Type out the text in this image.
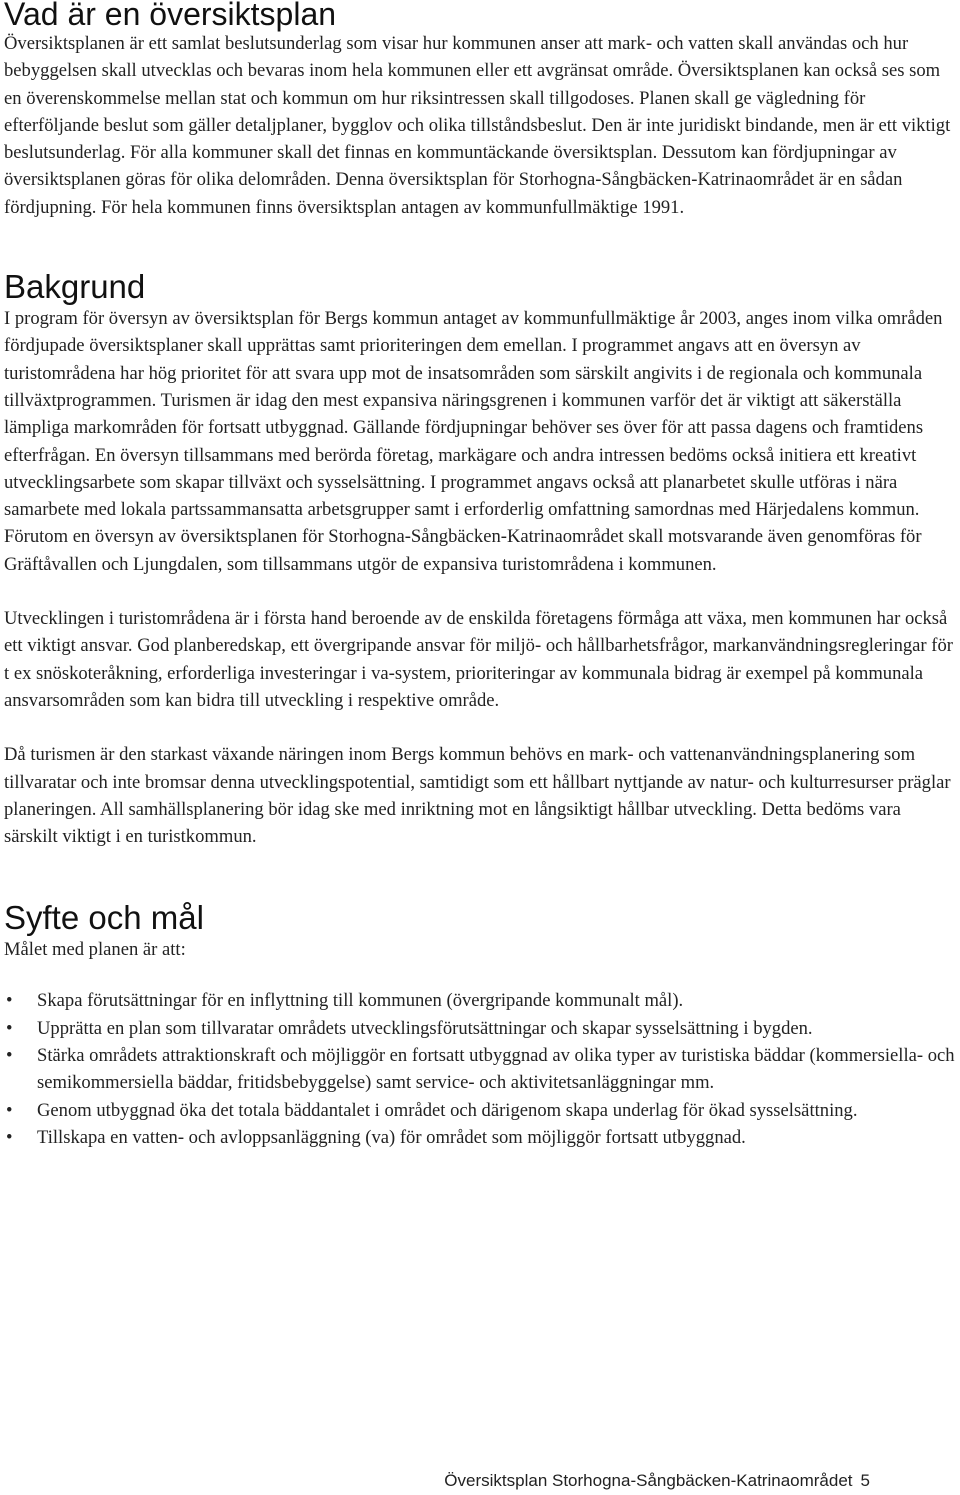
Vad är en översiktsplan

Översiktsplanen är ett samlat beslutsunderlag som visar hur kommunen anser att mark- och vatten skall användas och hur bebyggelsen skall utvecklas och bevaras inom hela kommunen eller ett avgränsat område. Översiktsplanen kan också ses som en överenskommelse mellan stat och kommun om hur riksintressen skall tillgodoses. Planen skall ge vägledning för efterföljande beslut som gäller detaljplaner, bygglov och olika tillståndsbeslut. Den är inte juridiskt bindande, men är ett viktigt beslutsunderlag. För alla kommuner skall det finnas en kommuntäckande översiktsplan. Dessutom kan fördjupningar av översiktsplanen göras för olika delområden. Denna översiktsplan för Storhogna-Sångbäcken-Katrinaområdet är en sådan fördjupning. För hela kommunen finns översiktsplan antagen av kommunfullmäktige 1991.

Bakgrund

I program för översyn av översiktsplan för Bergs kommun antaget av kommunfullmäktige år 2003, anges inom vilka områden fördjupade översiktsplaner skall upprättas samt prioriteringen dem emellan. I programmet angavs att en översyn av turistområdena har hög prioritet för att svara upp mot de insatsområden som särskilt angivits i de regionala och kommunala tillväxtprogrammen. Turismen är idag den mest expansiva näringsgrenen i kommunen varför det är viktigt att säkerställa lämpliga markområden för fortsatt utbyggnad. Gällande fördjupningar behöver ses över för att passa dagens och framtidens efterfrågan. En översyn tillsammans med berörda företag, markägare och andra intressen bedöms också initiera ett kreativt utvecklingsarbete som skapar tillväxt och sysselsättning. I programmet angavs också att planarbetet skulle utföras i nära samarbete med lokala partssammansatta arbetsgrupper samt i erforderlig omfattning samordnas med Härjedalens kommun. Förutom en översyn av översiktsplanen för Storhogna-Sångbäcken-Katrinaområdet skall motsvarande även genomföras för Gräftåvallen och Ljungdalen, som tillsammans utgör de expansiva turistområdena i kommunen.

Utvecklingen i turistområdena är i första hand beroende av de enskilda företagens förmåga att växa, men kommunen har också ett viktigt ansvar. God planberedskap, ett övergripande ansvar för miljö- och hållbarhetsfrågor, markanvändningsregleringar för t ex snöskoteråkning, erforderliga investeringar i va-system, prioriteringar av kommunala bidrag är exempel på kommunala ansvarsområden som kan bidra till utveckling i respektive område.

Då turismen är den starkast växande näringen inom Bergs kommun behövs en mark- och vattenanvändningsplanering som tillvaratar och inte bromsar denna utvecklingspotential, samtidigt som ett hållbart nyttjande av natur- och kulturresurser präglar planeringen. All samhällsplanering bör idag ske med inriktning mot en långsiktigt hållbar utveckling. Detta bedöms vara särskilt viktigt i en turistkommun.

Syfte och mål
Målet med planen är att:
• Skapa förutsättningar för en inflyttning till kommunen (övergripande kommunalt mål).
• Upprätta en plan som tillvaratar områdets utvecklingsförutsättningar och skapar sysselsättning i bygden.
• Stärka områdets attraktionskraft och möjliggör en fortsatt utbyggnad av olika typer av turistiska bäddar (kommersiella- och semikommersiella bäddar, fritidsbebyggelse) samt service- och aktivitetsanläggningar mm.
• Genom utbyggnad öka det totala bäddantalet i området och därigenom skapa underlag för ökad sysselsättning.
• Tillskapa en vatten- och avloppsanläggning (va) för området som möjliggör fortsatt utbyggnad.
Översiktsplan Storhogna-Sångbäcken-Katrinaområdet 5
